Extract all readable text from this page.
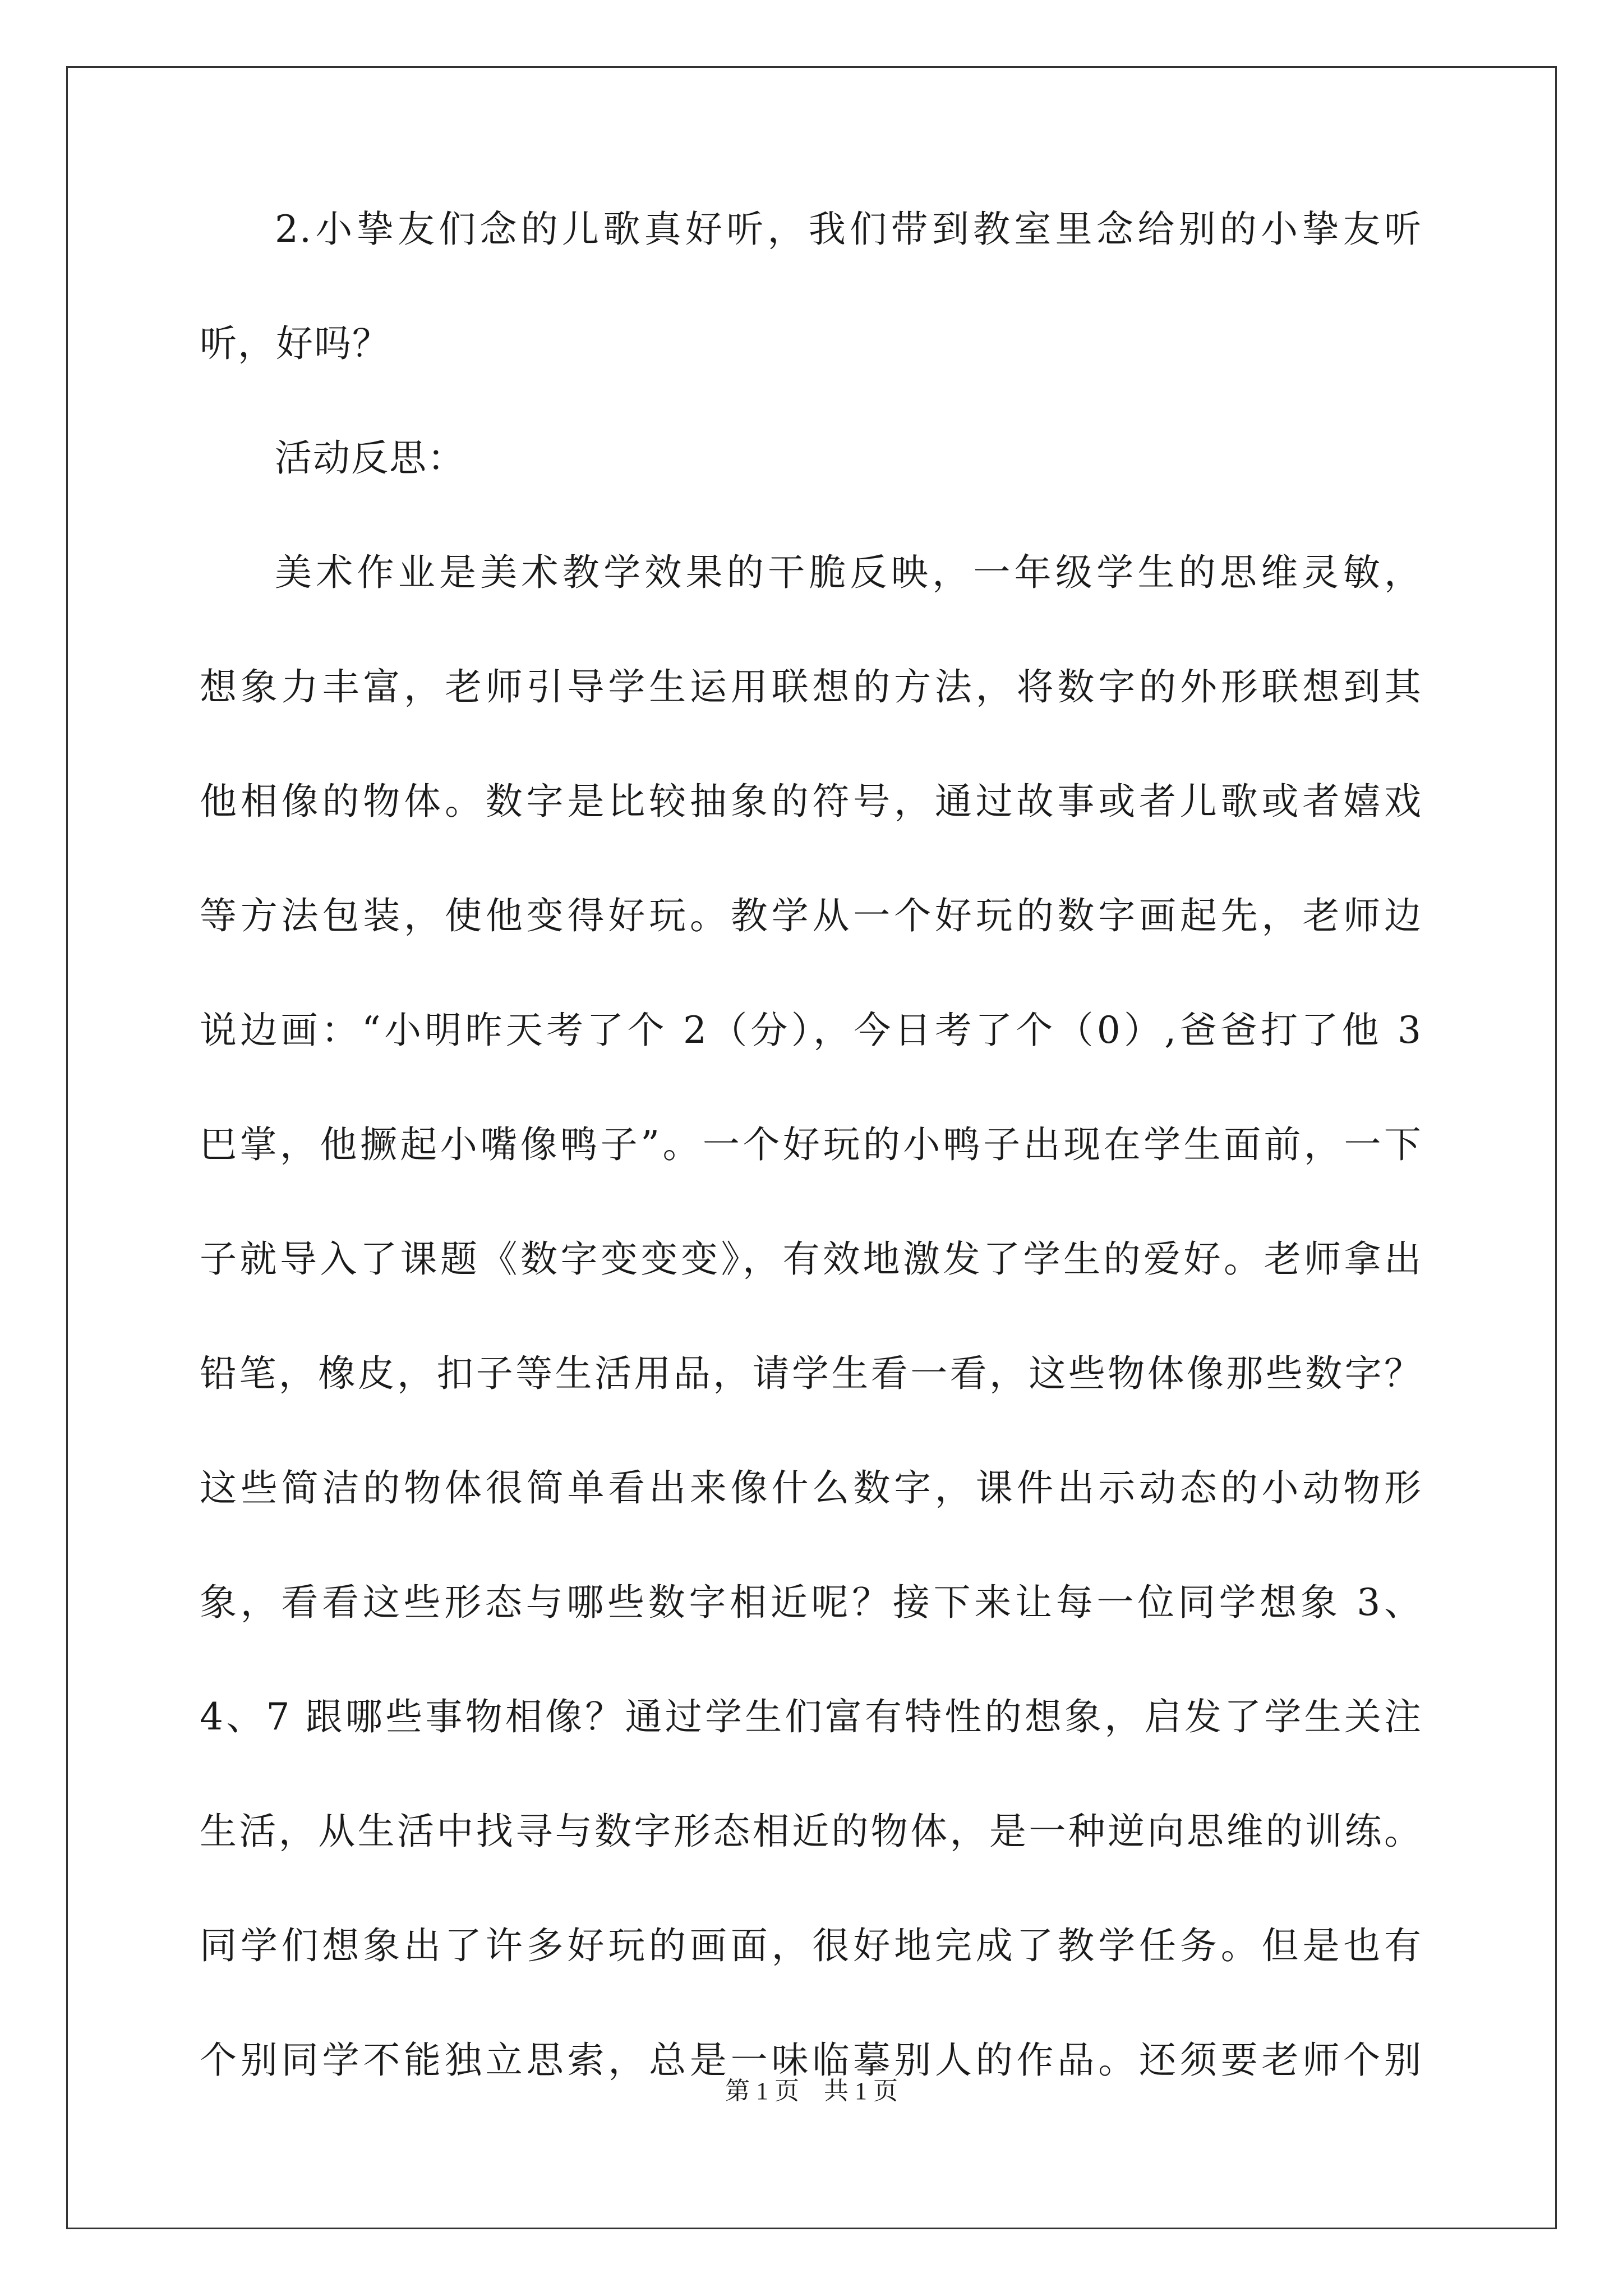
2.小挚友们念的儿歌真好听，我们带到教室里念给别的小挚友听
听，好吗？
活动反思：
美术作业是美术教学效果的干脆反映，一年级学生的思维灵敏，
想象力丰富，老师引导学生运用联想的方法，将数字的外形联想到其
他相像的物体。数字是比较抽象的符号，通过故事或者儿歌或者嬉戏
等方法包装，使他变得好玩。教学从一个好玩的数字画起先，老师边
说边画：“小明昨天考了个 2（分），今日考了个（0）,爸爸打了他 3
巴掌，他撅起小嘴像鸭子”。一个好玩的小鸭子出现在学生面前，一下
子就导入了课题《数字变变变》，有效地激发了学生的爱好。老师拿出
铅笔，橡皮，扣子等生活用品，请学生看一看，这些物体像那些数字？
这些简洁的物体很简单看出来像什么数字，课件出示动态的小动物形
象，看看这些形态与哪些数字相近呢？接下来让每一位同学想象 3、
4、7 跟哪些事物相像？通过学生们富有特性的想象，启发了学生关注
生活，从生活中找寻与数字形态相近的物体，是一种逆向思维的训练。
同学们想象出了许多好玩的画面，很好地完成了教学任务。但是也有
个别同学不能独立思索，总是一味临摹别人的作品。还须要老师个别
第 1 页    共 1 页
